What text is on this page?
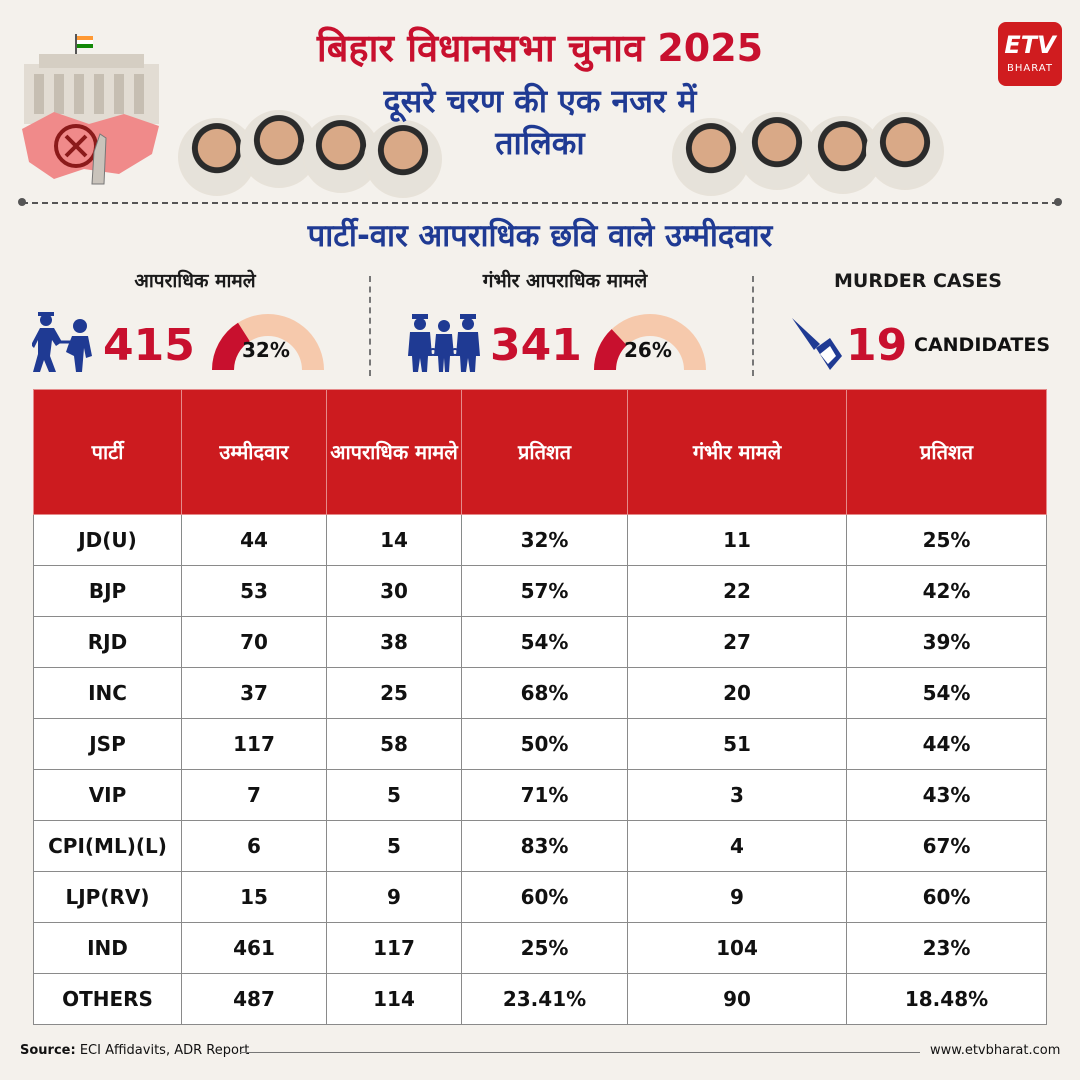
बिहार विधानसभा चुनाव 2025
दूसरे चरण की एक नजर में
तालिका
ETV
BHARAT
पार्टी-वार आपराधिक छवि वाले उम्मीदवार
आपराधिक मामले
415 32%
गंभीर आपराधिक मामले
341 26%
MURDER CASES
19 CANDIDATES
पार्टी	उम्मीदवार	आपराधिक मामले	प्रतिशत	गंभीर मामले	प्रतिशत
JD(U)	44	14	32%	11	25%
BJP	53	30	57%	22	42%
RJD	70	38	54%	27	39%
INC	37	25	68%	20	54%
JSP	117	58	50%	51	44%
VIP	7	5	71%	3	43%
CPI(ML)(L)	6	5	83%	4	67%
LJP(RV)	15	9	60%	9	60%
IND	461	117	25%	104	23%
OTHERS	487	114	23.41%	90	18.48%
Source: ECI Affidavits, ADR Report	www.etvbharat.com
